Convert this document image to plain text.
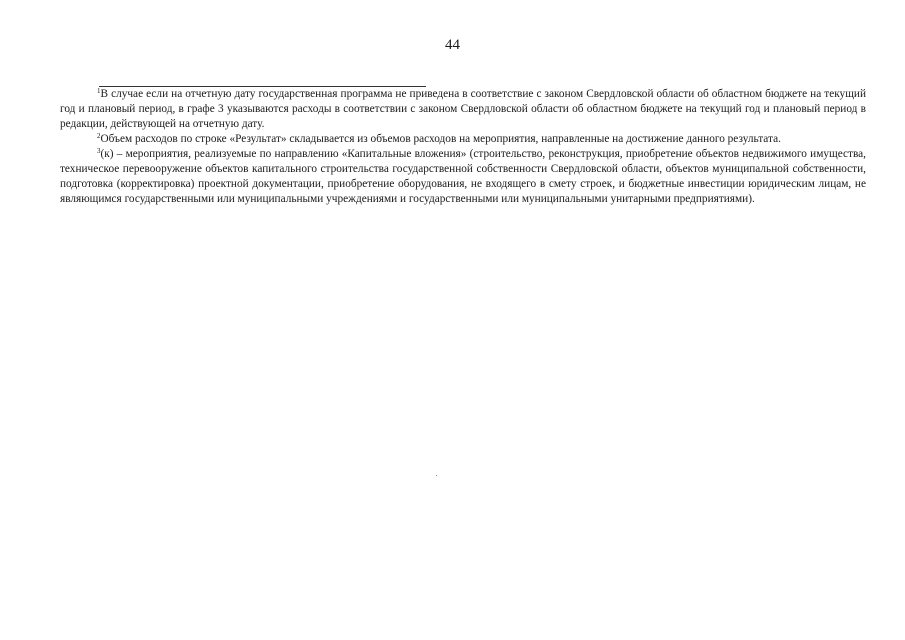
44

$^1$В случае если на отчетную дату государственная программа не приведена в соответствие с законом Свердловской области об областном бюджете на текущий год и плановый период, в графе 3 указываются расходы в соответствии с законом Свердловской области об областном бюджете на текущий год и плановый период в редакции, действующей на отчетную дату.

$^2$Объем расходов по строке «Результат» складывается из объемов расходов на мероприятия, направленные на достижение данного результата.

$^3$(к) – мероприятия, реализуемые по направлению «Капитальные вложения» (строительство, реконструкция, приобретение объектов недвижимого имущества, техническое перевооружение объектов капитального строительства государственной собственности Свердловской области, объектов муниципальной собственности, подготовка (корректировка) проектной документации, приобретение оборудования, не входящего в смету строек, и бюджетные инвестиции юридическим лицам, не являющимся государственными или муниципальными учреждениями и государственными или муниципальными унитарными предприятиями).
